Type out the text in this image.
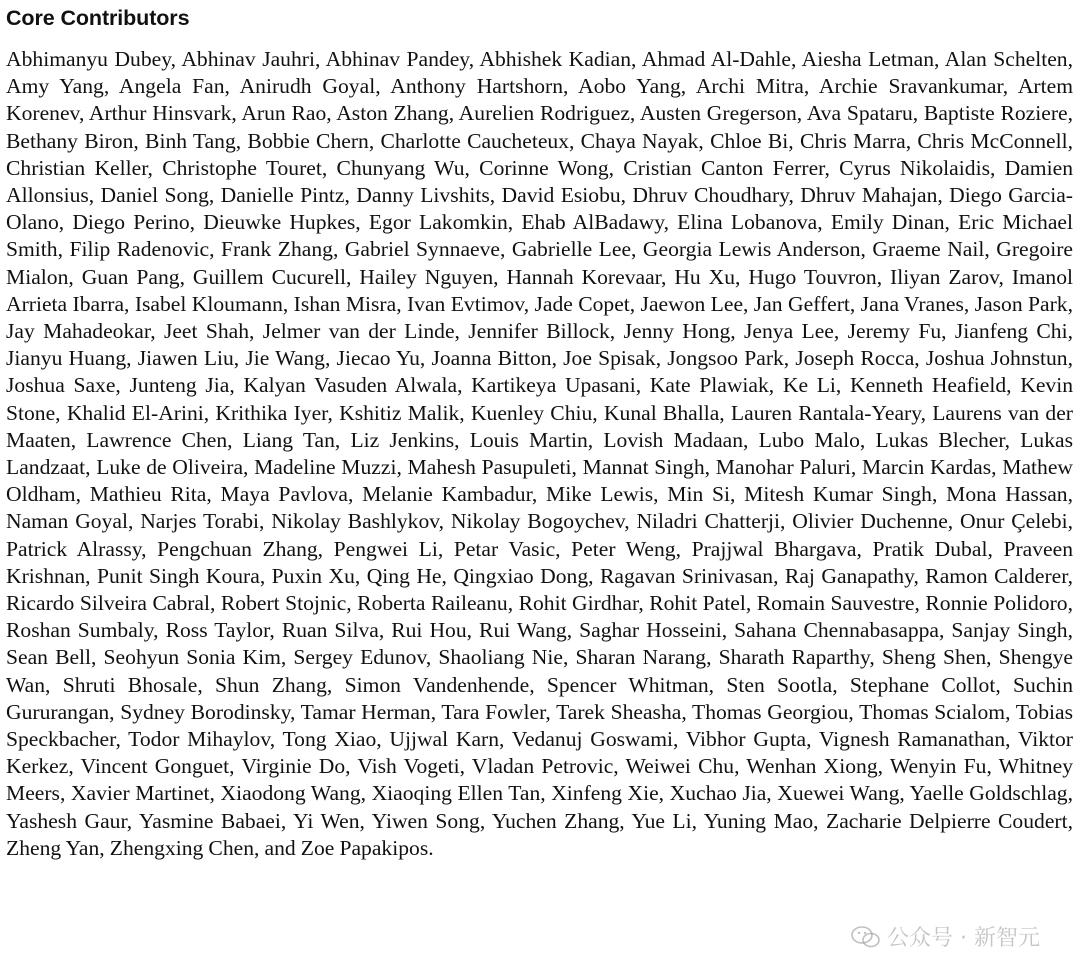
Core Contributors

Abhimanyu Dubey, Abhinav Jauhri, Abhinav Pandey, Abhishek Kadian, Ahmad Al-Dahle, Aiesha Letman, Alan Schelten, Amy Yang, Angela Fan, Anirudh Goyal, Anthony Hartshorn, Aobo Yang, Archi Mitra, Archie Sravankumar, Artem Korenev, Arthur Hinsvark, Arun Rao, Aston Zhang, Aurelien Rodriguez, Austen Gregerson, Ava Spataru, Baptiste Roziere, Bethany Biron, Binh Tang, Bobbie Chern, Charlotte Caucheteux, Chaya Nayak, Chloe Bi, Chris Marra, Chris McConnell, Christian Keller, Christophe Touret, Chunyang Wu, Corinne Wong, Cristian Canton Ferrer, Cyrus Nikolaidis, Damien Allonsius, Daniel Song, Danielle Pintz, Danny Livshits, David Esiobu, Dhruv Choudhary, Dhruv Mahajan, Diego Garcia-Olano, Diego Perino, Dieuwke Hupkes, Egor Lakomkin, Ehab AlBadawy, Elina Lobanova, Emily Dinan, Eric Michael Smith, Filip Radenovic, Frank Zhang, Gabriel Synnaeve, Gabrielle Lee, Georgia Lewis Anderson, Graeme Nail, Gregoire Mialon, Guan Pang, Guillem Cucurell, Hailey Nguyen, Hannah Korevaar, Hu Xu, Hugo Touvron, Iliyan Zarov, Imanol Arrieta Ibarra, Isabel Kloumann, Ishan Misra, Ivan Evtimov, Jade Copet, Jaewon Lee, Jan Geffert, Jana Vranes, Jason Park, Jay Mahadeokar, Jeet Shah, Jelmer van der Linde, Jennifer Billock, Jenny Hong, Jenya Lee, Jeremy Fu, Jianfeng Chi, Jianyu Huang, Jiawen Liu, Jie Wang, Jiecao Yu, Joanna Bitton, Joe Spisak, Jongsoo Park, Joseph Rocca, Joshua Johnstun, Joshua Saxe, Junteng Jia, Kalyan Vasuden Alwala, Kartikeya Upasani, Kate Plawiak, Ke Li, Kenneth Heafield, Kevin Stone, Khalid El-Arini, Krithika Iyer, Kshitiz Malik, Kuenley Chiu, Kunal Bhalla, Lauren Rantala-Yeary, Laurens van der Maaten, Lawrence Chen, Liang Tan, Liz Jenkins, Louis Martin, Lovish Madaan, Lubo Malo, Lukas Blecher, Lukas Landzaat, Luke de Oliveira, Madeline Muzzi, Mahesh Pasupuleti, Mannat Singh, Manohar Paluri, Marcin Kardas, Mathew Oldham, Mathieu Rita, Maya Pavlova, Melanie Kambadur, Mike Lewis, Min Si, Mitesh Kumar Singh, Mona Hassan, Naman Goyal, Narjes Torabi, Nikolay Bashlykov, Nikolay Bogoychev, Niladri Chatterji, Olivier Duchenne, Onur Çelebi, Patrick Alrassy, Pengchuan Zhang, Pengwei Li, Petar Vasic, Peter Weng, Prajjwal Bhargava, Pratik Dubal, Praveen Krishnan, Punit Singh Koura, Puxin Xu, Qing He, Qingxiao Dong, Ragavan Srinivasan, Raj Ganapathy, Ramon Calderer, Ricardo Silveira Cabral, Robert Stojnic, Roberta Raileanu, Rohit Girdhar, Rohit Patel, Romain Sauvestre, Ronnie Polidoro, Roshan Sumbaly, Ross Taylor, Ruan Silva, Rui Hou, Rui Wang, Saghar Hosseini, Sahana Chennabasappa, Sanjay Singh, Sean Bell, Seohyun Sonia Kim, Sergey Edunov, Shaoliang Nie, Sharan Narang, Sharath Raparthy, Sheng Shen, Shengye Wan, Shruti Bhosale, Shun Zhang, Simon Vandenhende, Spencer Whitman, Sten Sootla, Stephane Collot, Suchin Gururangan, Sydney Borodinsky, Tamar Herman, Tara Fowler, Tarek Sheasha, Thomas Georgiou, Thomas Scialom, Tobias Speckbacher, Todor Mihaylov, Tong Xiao, Ujjwal Karn, Vedanuj Goswami, Vibhor Gupta, Vignesh Ramanathan, Viktor Kerkez, Vincent Gonguet, Virginie Do, Vish Vogeti, Vladan Petrovic, Weiwei Chu, Wenhan Xiong, Wenyin Fu, Whitney Meers, Xavier Martinet, Xiaodong Wang, Xiaoqing Ellen Tan, Xinfeng Xie, Xuchao Jia, Xuewei Wang, Yaelle Goldschlag, Yashesh Gaur, Yasmine Babaei, Yi Wen, Yiwen Song, Yuchen Zhang, Yue Li, Yuning Mao, Zacharie Delpierre Coudert, Zheng Yan, Zhengxing Chen, and Zoe Papakipos.

公众号 · 新智元
